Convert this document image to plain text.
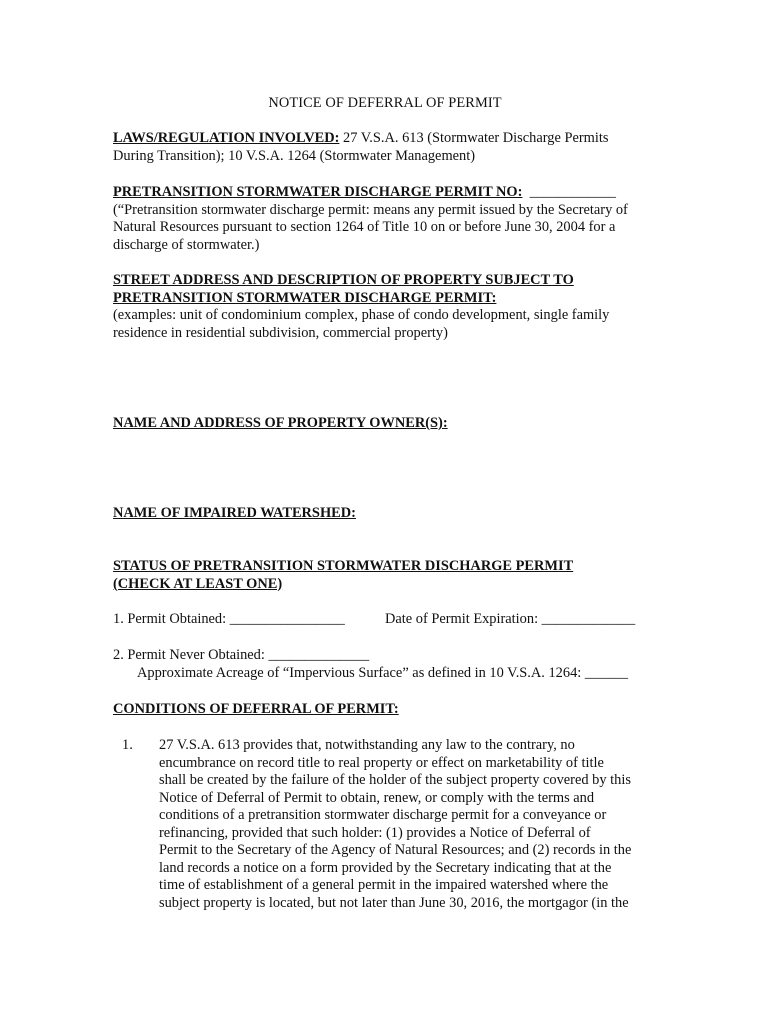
NOTICE OF DEFERRAL OF PERMIT
LAWS/REGULATION INVOLVED: 27 V.S.A. 613 (Stormwater Discharge Permits
During Transition); 10 V.S.A. 1264 (Stormwater Management)
PRETRANSITION STORMWATER DISCHARGE PERMIT NO: ____________
(“Pretransition stormwater discharge permit: means any permit issued by the Secretary of
Natural Resources pursuant to section 1264 of Title 10 on or before June 30, 2004 for a
discharge of stormwater.)
STREET ADDRESS AND DESCRIPTION OF PROPERTY SUBJECT TO
PRETRANSITION STORMWATER DISCHARGE PERMIT:
(examples: unit of condominium complex, phase of condo development, single family
residence in residential subdivision, commercial property)
NAME AND ADDRESS OF PROPERTY OWNER(S):
NAME OF IMPAIRED WATERSHED:
STATUS OF PRETRANSITION STORMWATER DISCHARGE PERMIT
(CHECK AT LEAST ONE)
1. Permit Obtained: ________________	Date of Permit Expiration: _____________
2. Permit Never Obtained: ______________
Approximate Acreage of “Impervious Surface” as defined in 10 V.S.A. 1264: ______
CONDITIONS OF DEFERRAL OF PERMIT:
1. 27 V.S.A. 613 provides that, notwithstanding any law to the contrary, no
encumbrance on record title to real property or effect on marketability of title
shall be created by the failure of the holder of the subject property covered by this
Notice of Deferral of Permit to obtain, renew, or comply with the terms and
conditions of a pretransition stormwater discharge permit for a conveyance or
refinancing, provided that such holder: (1) provides a Notice of Deferral of
Permit to the Secretary of the Agency of Natural Resources; and (2) records in the
land records a notice on a form provided by the Secretary indicating that at the
time of establishment of a general permit in the impaired watershed where the
subject property is located, but not later than June 30, 2016, the mortgagor (in the
